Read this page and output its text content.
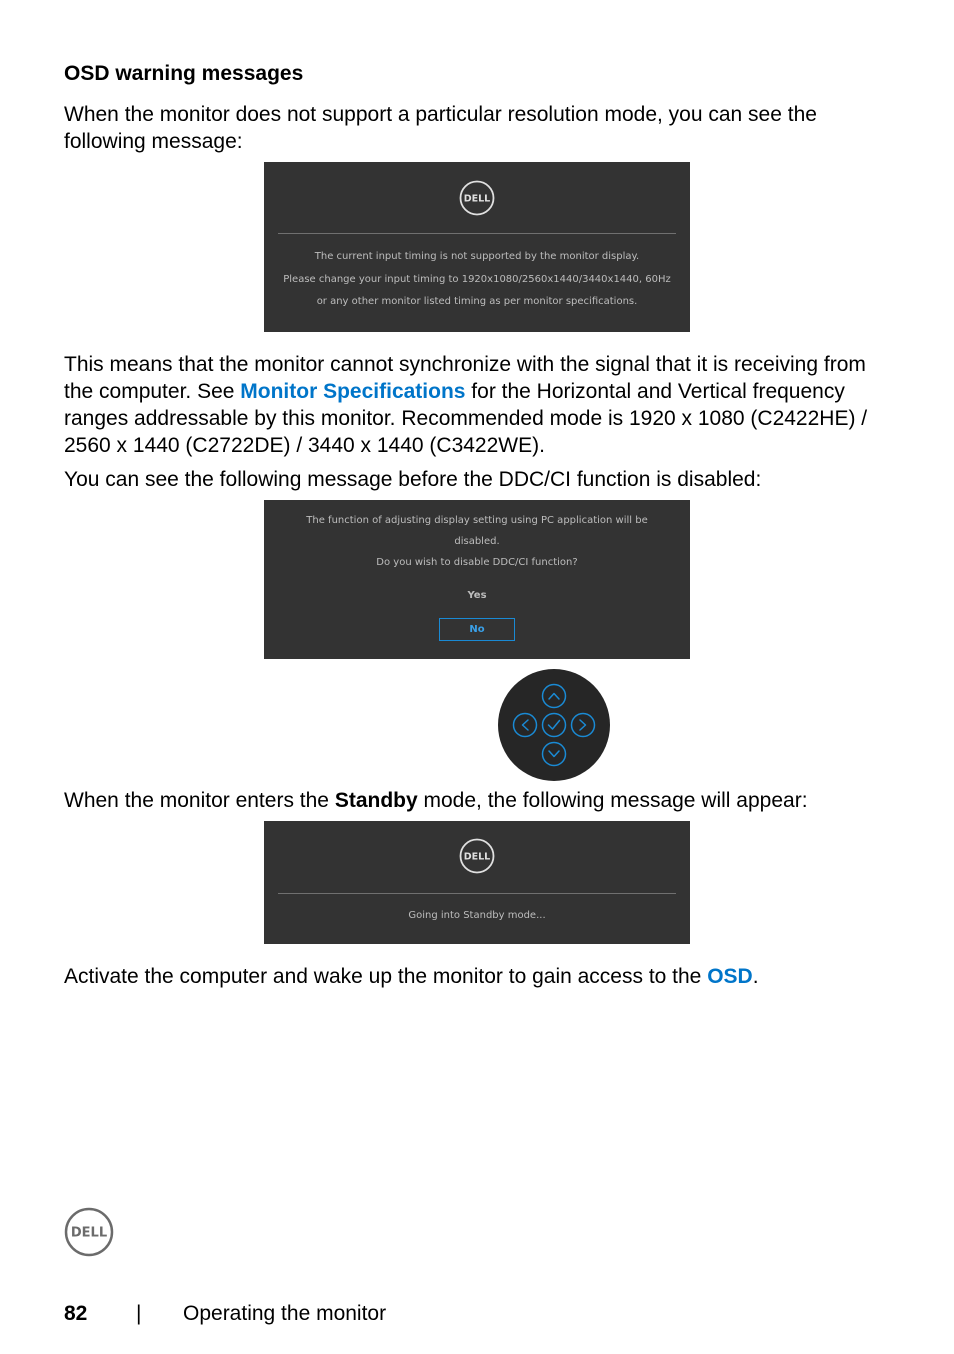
OSD warning messages
When the monitor does not support a particular resolution mode, you can see the following message:
DELL
The current input timing is not supported by the monitor display.
Please change your input timing to 1920x1080/2560x1440/3440x1440, 60Hz
or any other monitor listed timing as per monitor specifications.
This means that the monitor cannot synchronize with the signal that it is receiving from the computer. See Monitor Specifications for the Horizontal and Vertical frequency ranges addressable by this monitor. Recommended mode is 1920 x 1080 (C2422HE) / 2560 x 1440 (C2722DE) / 3440 x 1440 (C3422WE).
You can see the following message before the DDC/CI function is disabled:
The function of adjusting display setting using PC application will be
disabled.
Do you wish to disable DDC/CI function?
Yes
No
When the monitor enters the Standby mode, the following message will appear:
DELL
Going into Standby mode...
Activate the computer and wake up the monitor to gain access to the OSD.
DELL
82 | Operating the monitor
